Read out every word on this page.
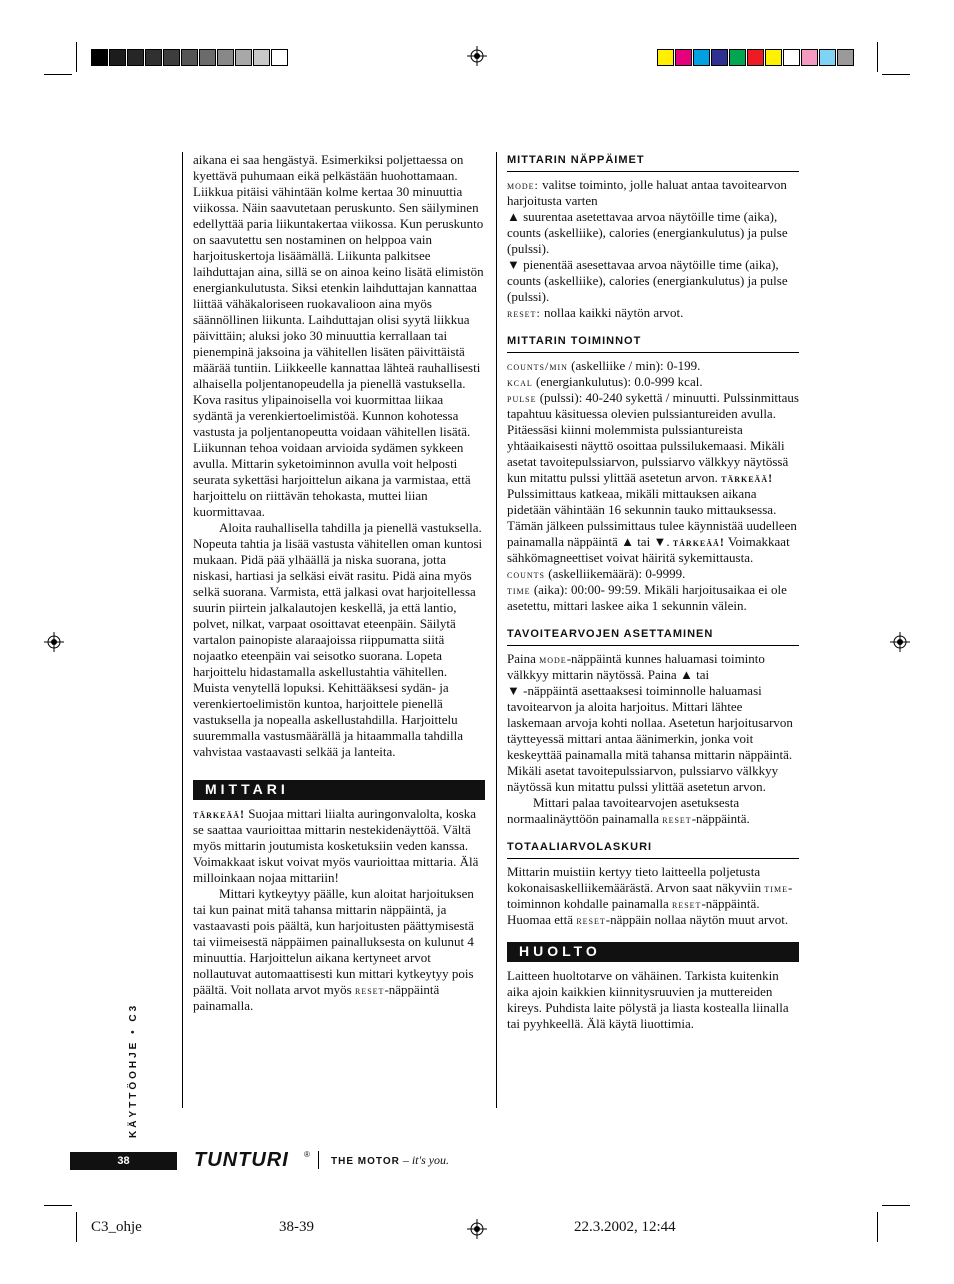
aikana ei saa hengästyä. Esimerkiksi poljettaessa on kyettävä puhumaan eikä pelkästään huohottamaan. Liikkua pitäisi vähintään kolme kertaa 30 minuuttia viikossa. Näin saavutetaan peruskunto. Sen säilyminen edellyttää paria liikuntakertaa viikossa. Kun peruskunto on saavutettu sen nostaminen on helppoa vain harjoituskertoja lisäämällä. Liikunta palkitsee laihduttajan aina, sillä se on ainoa keino lisätä elimistön energiankulutusta. Siksi etenkin laihduttajan kannattaa liittää vähäkaloriseen ruokavalioon aina myös säännöllinen liikunta. Laihduttajan olisi syytä liikkua päivittäin; aluksi joko 30 minuuttia kerrallaan tai pienempinä jaksoina ja vähitellen lisäten päivittäistä määrää tuntiin. Liikkeelle kannattaa lähteä rauhallisesti alhaisella poljentanopeudella ja pienellä vastuksella. Kova rasitus ylipainoisella voi kuormittaa liikaa sydäntä ja verenkiertoelimistöä. Kunnon kohotessa vastusta ja poljentanopeutta voidaan vähitellen lisätä. Liikunnan tehoa voidaan arvioida sydämen sykkeen avulla. Mittarin syketoiminnon avulla voit helposti seurata sykettäsi harjoittelun aikana ja varmistaa, että harjoittelu on riittävän tehokasta, muttei liian kuormittavaa.

Aloita rauhallisella tahdilla ja pienellä vastuksella. Nopeuta tahtia ja lisää vastusta vähitellen oman kuntosi mukaan. Pidä pää ylhäällä ja niska suorana, jotta niskasi, hartiasi ja selkäsi eivät rasitu. Pidä aina myös selkä suorana. Varmista, että jalkasi ovat harjoitellessa suurin piirtein jalkalautojen keskellä, ja että lantio, polvet, nilkat, varpaat osoittavat eteenpäin. Säilytä vartalon painopiste alaraajoissa riippumatta siitä nojaatko eteenpäin vai seisotko suorana. Lopeta harjoittelu hidastamalla askellustahtia vähitellen. Muista venytellä lopuksi. Kehittääksesi sydän- ja verenkiertoelimistön kuntoa, harjoittele pienellä vastuksella ja nopealla askellustahdilla. Harjoittelu suuremmalla vastusmäärällä ja hitaammalla tahdilla vahvistaa vastaavasti selkää ja lanteita.

MITTARI

tärkeää! Suojaa mittari liialta auringonvalolta, koska se saattaa vaurioittaa mittarin nestekidenäyttöä. Vältä myös mittarin joutumista kosketuksiin veden kanssa. Voimakkaat iskut voivat myös vaurioittaa mittaria. Älä milloinkaan nojaa mittariin!

Mittari kytkeytyy päälle, kun aloitat harjoituksen tai kun painat mitä tahansa mittarin näppäintä, ja vastaavasti pois päältä, kun harjoitusten päättymisestä tai viimeisestä näppäimen painalluksesta on kulunut 4 minuuttia. Harjoittelun aikana kertyneet arvot nollautuvat automaattisesti kun mittari kytkeytyy pois päältä. Voit nollata arvot myös reset-näppäintä painamalla.

MITTARIN NÄPPÄIMET

mode: valitse toiminto, jolle haluat antaa tavoitearvon harjoitusta varten

▲ suurentaa asetettavaa arvoa näytöille time (aika), counts (askelliike), calories (energiankulutus) ja pulse (pulssi).

▼ pienentää asesettavaa arvoa näytöille time (aika), counts (askelliike), calories (energiankulutus) ja pulse (pulssi).

reset: nollaa kaikki näytön arvot.

MITTARIN TOIMINNOT

counts/min (askelliike / min): 0-199.

kcal (energiankulutus): 0.0-999 kcal.

pulse (pulssi): 40-240 sykettä / minuutti. Pulssinmittaus tapahtuu käsituessa olevien pulssiantureiden avulla. Pitäessäsi kiinni molemmista pulssiantureista yhtäaikaisesti näyttö osoittaa pulssilukemaasi. Mikäli asetat tavoitepulssiarvon, pulssiarvo välkkyy näytössä kun mitattu pulssi ylittää asetetun arvon. tärkeää! Pulssimittaus katkeaa, mikäli mittauksen aikana pidetään vähintään 16 sekunnin tauko mittauksessa. Tämän jälkeen pulssimittaus tulee käynnistää uudelleen painamalla näppäintä ▲ tai ▼. tärkeää! Voimakkaat sähkömagneettiset voivat häiritä sykemittausta.

counts (askelliikemäärä): 0-9999.

time (aika): 00:00- 99:59. Mikäli harjoitusaikaa ei ole asetettu, mittari laskee aika 1 sekunnin välein.

TAVOITEARVOJEN ASETTAMINEN

Paina mode-näppäintä kunnes haluamasi toiminto välkkyy mittarin näytössä. Paina ▲ tai
▼ -näppäintä asettaaksesi toiminnolle haluamasi tavoitearvon ja aloita harjoitus. Mittari lähtee laskemaan arvoja kohti nollaa. Asetetun harjoitusarvon täytteyessä mittari antaa äänimerkin, jonka voit keskeyttää painamalla mitä tahansa mittarin näppäintä. Mikäli asetat tavoitepulssiarvon, pulssiarvo välkkyy näytössä kun mitattu pulssi ylittää asetetun arvon.

Mittari palaa tavoitearvojen asetuksesta normaalinäyttöön painamalla reset-näppäintä.

TOTAALIARVOLASKURI

Mittarin muistiin kertyy tieto laitteella poljetusta kokonaisaskelliikemäärästä. Arvon saat näkyviin time-toiminnon kohdalle painamalla reset-näppäintä. Huomaa että reset-näppäin nollaa näytön muut arvot.

HUOLTO

Laitteen huoltotarve on vähäinen. Tarkista kuitenkin aika ajoin kaikkien kiinnitysruuvien ja muttereiden kireys. Puhdista laite pölystä ja liasta kostealla liinalla tai pyyhkeellä. Älä käytä liuottimia.

KÄYTTÖOHJE • C3
38	TUNTURI ®
THE MOTOR – it's you.
C3_ohje	38-39	22.3.2002, 12:44
